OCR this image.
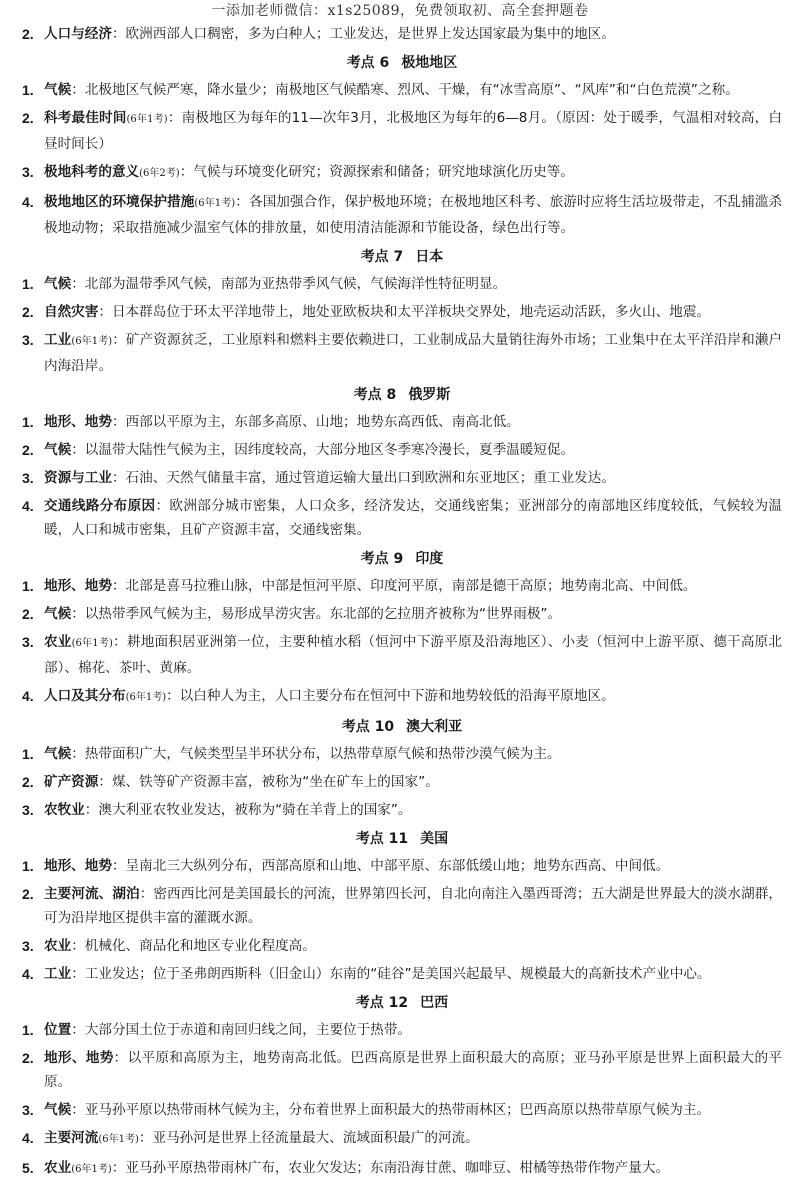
一添加老师微信：x1s25089，免费领取初、高全套押题卷
2. 人口与经济：欧洲西部人口稠密，多为白种人；工业发达，是世界上发达国家最为集中的地区。
考点 6 极地地区
1. 气候：北极地区气候严寒，降水量少；南极地区气候酷寒、烈风、干燥，有“冰雪高原”、“风库”和“白色荒漠”之称。
2. 科考最佳时间(6年1考)：南极地区为每年的11—次年3月，北极地区为每年的6—8月。（原因：处于暖季，气温相对较高，白昼时间长）
3. 极地科考的意义(6年2考)：气候与环境变化研究；资源探索和储备；研究地球演化历史等。
4. 极地地区的环境保护措施(6年1考)：各国加强合作，保护极地环境；在极地地区科考、旅游时应将生活垃圾带走，不乱捕滥杀极地动物；采取措施减少温室气体的排放量，如使用清洁能源和节能设备，绿色出行等。
考点 7 日本
1. 气候：北部为温带季风气候，南部为亚热带季风气候，气候海洋性特征明显。
2. 自然灾害：日本群岛位于环太平洋地带上，地处亚欧板块和太平洋板块交界处，地壳运动活跃，多火山、地震。
3. 工业(6年1考)：矿产资源贫乏，工业原料和燃料主要依赖进口，工业制成品大量销往海外市场；工业集中在太平洋沿岸和濑户内海沿岸。
考点 8 俄罗斯
1. 地形、地势：西部以平原为主，东部多高原、山地；地势东高西低、南高北低。
2. 气候：以温带大陆性气候为主，因纬度较高，大部分地区冬季寒冷漫长，夏季温暖短促。
3. 资源与工业：石油、天然气储量丰富，通过管道运输大量出口到欧洲和东亚地区；重工业发达。
4. 交通线路分布原因：欧洲部分城市密集，人口众多，经济发达，交通线密集；亚洲部分的南部地区纬度较低，气候较为温暖，人口和城市密集，且矿产资源丰富，交通线密集。
考点 9 印度
1. 地形、地势：北部是喜马拉雅山脉，中部是恒河平原、印度河平原，南部是德干高原；地势南北高、中间低。
2. 气候：以热带季风气候为主，易形成旱涝灾害。东北部的乞拉朋齐被称为“世界雨极”。
3. 农业(6年1考)：耕地面积居亚洲第一位，主要种植水稻（恒河中下游平原及沿海地区）、小麦（恒河中上游平原、德干高原北部）、棉花、茶叶、黄麻。
4. 人口及其分布(6年1考)：以白种人为主，人口主要分布在恒河中下游和地势较低的沿海平原地区。
考点 10 澳大利亚
1. 气候：热带面积广大，气候类型呈半环状分布，以热带草原气候和热带沙漠气候为主。
2. 矿产资源：煤、铁等矿产资源丰富，被称为“坐在矿车上的国家”。
3. 农牧业：澳大利亚农牧业发达，被称为“骑在羊背上的国家”。
考点 11 美国
1. 地形、地势：呈南北三大纵列分布，西部高原和山地、中部平原、东部低缓山地；地势东西高、中间低。
2. 主要河流、湖泊：密西西比河是美国最长的河流，世界第四长河，自北向南注入墨西哥湾；五大湖是世界最大的淡水湖群，可为沿岸地区提供丰富的灌溉水源。
3. 农业：机械化、商品化和地区专业化程度高。
4. 工业：工业发达；位于圣弗朗西斯科（旧金山）东南的“硅谷”是美国兴起最早、规模最大的高新技术产业中心。
考点 12 巴西
1. 位置：大部分国土位于赤道和南回归线之间，主要位于热带。
2. 地形、地势：以平原和高原为主，地势南高北低。巴西高原是世界上面积最大的高原；亚马孙平原是世界上面积最大的平原。
3. 气候：亚马孙平原以热带雨林气候为主，分布着世界上面积最大的热带雨林区；巴西高原以热带草原气候为主。
4. 主要河流(6年1考)：亚马孙河是世界上径流量最大、流域面积最广的河流。
5. 农业(6年1考)：亚马孙平原热带雨林广布，农业欠发达；东南沿海甘蔗、咖啡豆、柑橘等热带作物产量大。
